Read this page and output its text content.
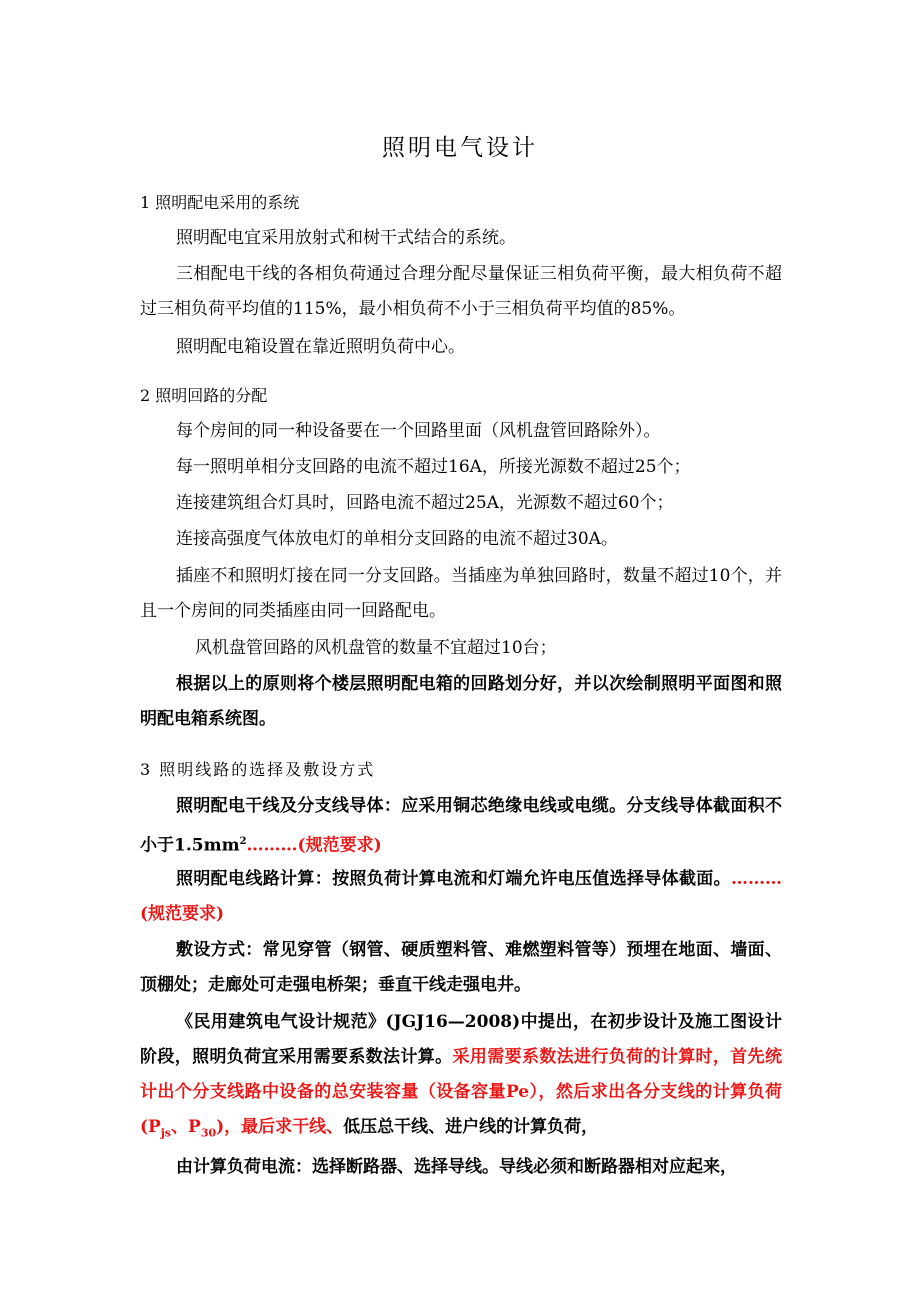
照明电气设计
1 照明配电采用的系统
照明配电宜采用放射式和树干式结合的系统。
三相配电干线的各相负荷通过合理分配尽量保证三相负荷平衡，最大相负荷不超过三相负荷平均值的115%，最小相负荷不小于三相负荷平均值的85%。
照明配电箱设置在靠近照明负荷中心。
2 照明回路的分配
每个房间的同一种设备要在一个回路里面（风机盘管回路除外）。
每一照明单相分支回路的电流不超过16A，所接光源数不超过25个；
连接建筑组合灯具时，回路电流不超过25A，光源数不超过60个；
连接高强度气体放电灯的单相分支回路的电流不超过30A。
插座不和照明灯接在同一分支回路。当插座为单独回路时，数量不超过10个，并且一个房间的同类插座由同一回路配电。
风机盘管回路的风机盘管的数量不宜超过10台；
根据以上的原则将个楼层照明配电箱的回路划分好，并以次绘制照明平面图和照明配电箱系统图。
3 照明线路的选择及敷设方式
照明配电干线及分支线导体：应采用铜芯绝缘电线或电缆。分支线导体截面积不小于$1.5mm^2\dots\dots\dots$(规范要求)
照明配电线路计算：按照负荷计算电流和灯端允许电压值选择导体截面。………(规范要求)
敷设方式：常见穿管（钢管、硬质塑料管、难燃塑料管等）预埋在地面、墙面、顶棚处；走廊处可走强电桥架；垂直干线走强电井。
《民用建筑电气设计规范》(JGJ16—2008)中提出，在初步设计及施工图设计阶段，照明负荷宜采用需要系数法计算。采用需要系数法进行负荷的计算时，首先统计出个分支线路中设备的总安装容量（设备容量Pe），然后求出各分支线的计算负荷($P_{js}$、$P_{30}$)，最后求干线、低压总干线、进户线的计算负荷，
由计算负荷电流：选择断路器、选择导线。导线必须和断路器相对应起来，
